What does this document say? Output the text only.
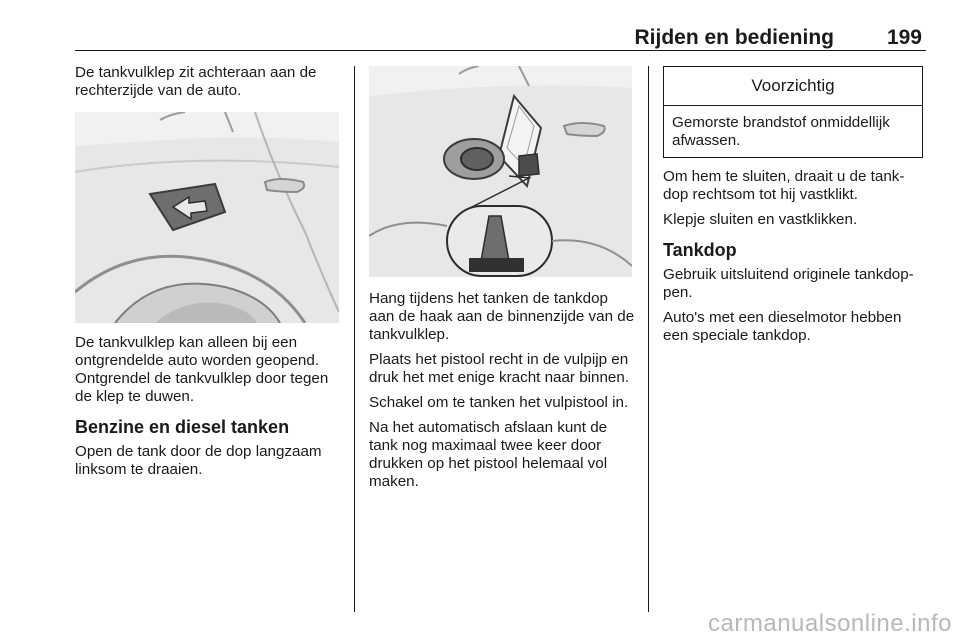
Rijden en bediening	199

De tankvulklep zit achteraan aan de rechterzijde van de auto.

De tankvulklep kan alleen bij een ontgrendelde auto worden geopend. Ontgrendel de tankvulklep door tegen de klep te duwen.

Benzine en diesel tanken

Open de tank door de dop langzaam linksom te draaien.

Hang tijdens het tanken de tankdop aan de haak aan de binnenzijde van de tankvulklep.

Plaats het pistool recht in de vulpijp en druk het met enige kracht naar binnen.

Schakel om te tanken het vulpistool in.

Na het automatisch afslaan kunt de tank nog maximaal twee keer door drukken op het pistool helemaal vol maken.

Voorzichtig
Gemorste brandstof onmiddellijk afwassen.

Om hem te sluiten, draait u de tank-dop rechtsom tot hij vastklikt.

Klepje sluiten en vastklikken.

Tankdop

Gebruik uitsluitend originele tankdop-pen.

Auto's met een dieselmotor hebben een speciale tankdop.

carmanualsonline.info
